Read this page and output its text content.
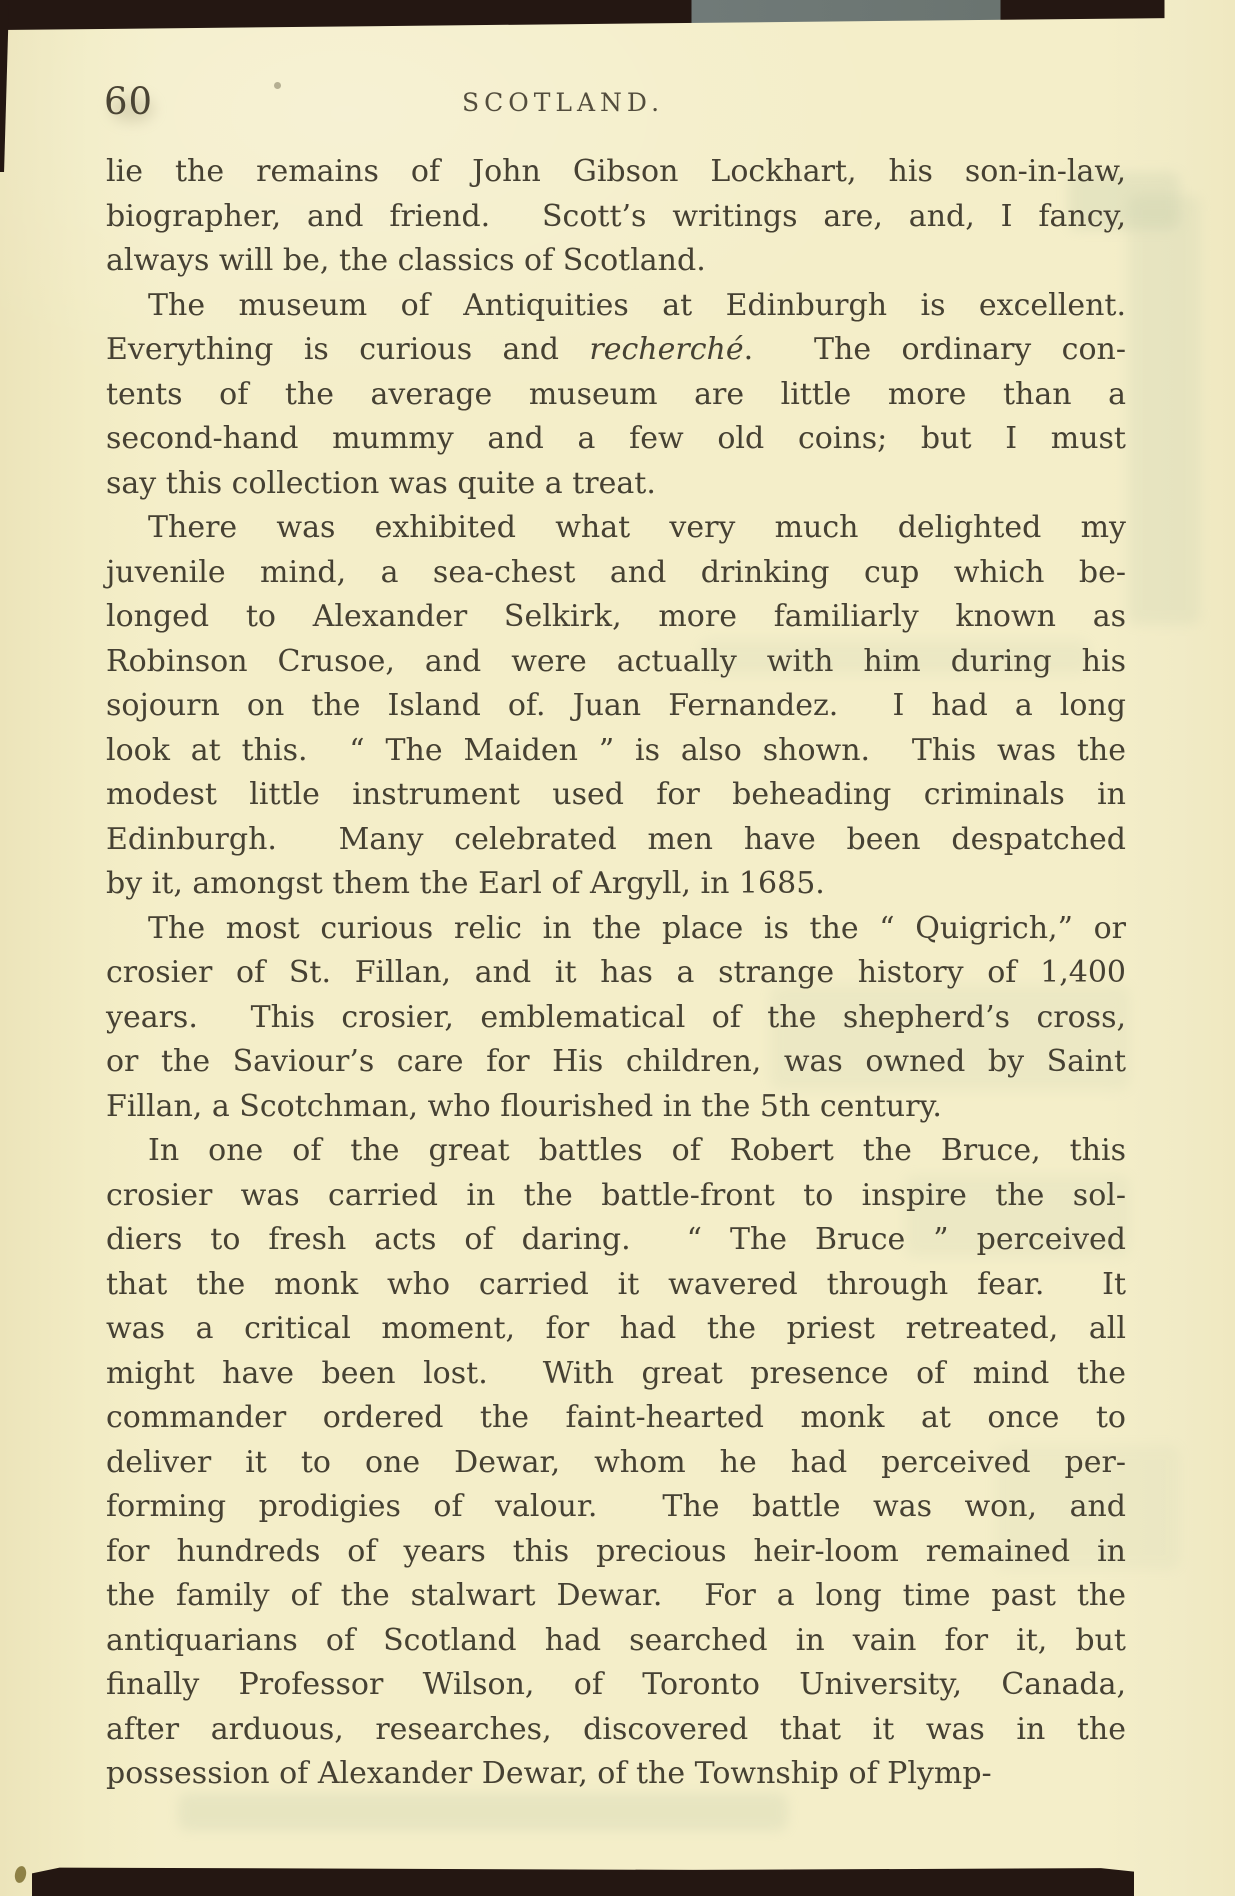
60	SCOTLAND.
lie the remains of John Gibson Lockhart, his son-in-law,
biographer, and friend.  Scott’s writings are, and, I fancy,
always will be, the classics of Scotland.
The museum of Antiquities at Edinburgh is excellent.
Everything is curious and recherché.  The ordinary con-
tents of the average museum are little more than a
second-hand mummy and a few old coins; but I must
say this collection was quite a treat.
There was exhibited what very much delighted my
juvenile mind, a sea-chest and drinking cup which be-
longed to Alexander Selkirk, more familiarly known as
Robinson Crusoe, and were actually with him during his
sojourn on the Island of. Juan Fernandez.  I had a long
look at this.  “ The Maiden ” is also shown.  This was the
modest little instrument used for beheading criminals in
Edinburgh.  Many celebrated men have been despatched
by it, amongst them the Earl of Argyll, in 1685.
The most curious relic in the place is the “ Quigrich,” or
crosier of St. Fillan, and it has a strange history of 1,400
years.  This crosier, emblematical of the shepherd’s cross,
or the Saviour’s care for His children, was owned by Saint
Fillan, a Scotchman, who flourished in the 5th century.
In one of the great battles of Robert the Bruce, this
crosier was carried in the battle-front to inspire the sol-
diers to fresh acts of daring.  “ The Bruce ” perceived
that the monk who carried it wavered through fear.  It
was a critical moment, for had the priest retreated, all
might have been lost.  With great presence of mind the
commander ordered the faint-hearted monk at once to
deliver it to one Dewar, whom he had perceived per-
forming prodigies of valour.  The battle was won, and
for hundreds of years this precious heir-loom remained in
the family of the stalwart Dewar.  For a long time past the
antiquarians of Scotland had searched in vain for it, but
finally Professor Wilson, of Toronto University, Canada,
after arduous, researches, discovered that it was in the
possession of Alexander Dewar, of the Township of Plymp-
